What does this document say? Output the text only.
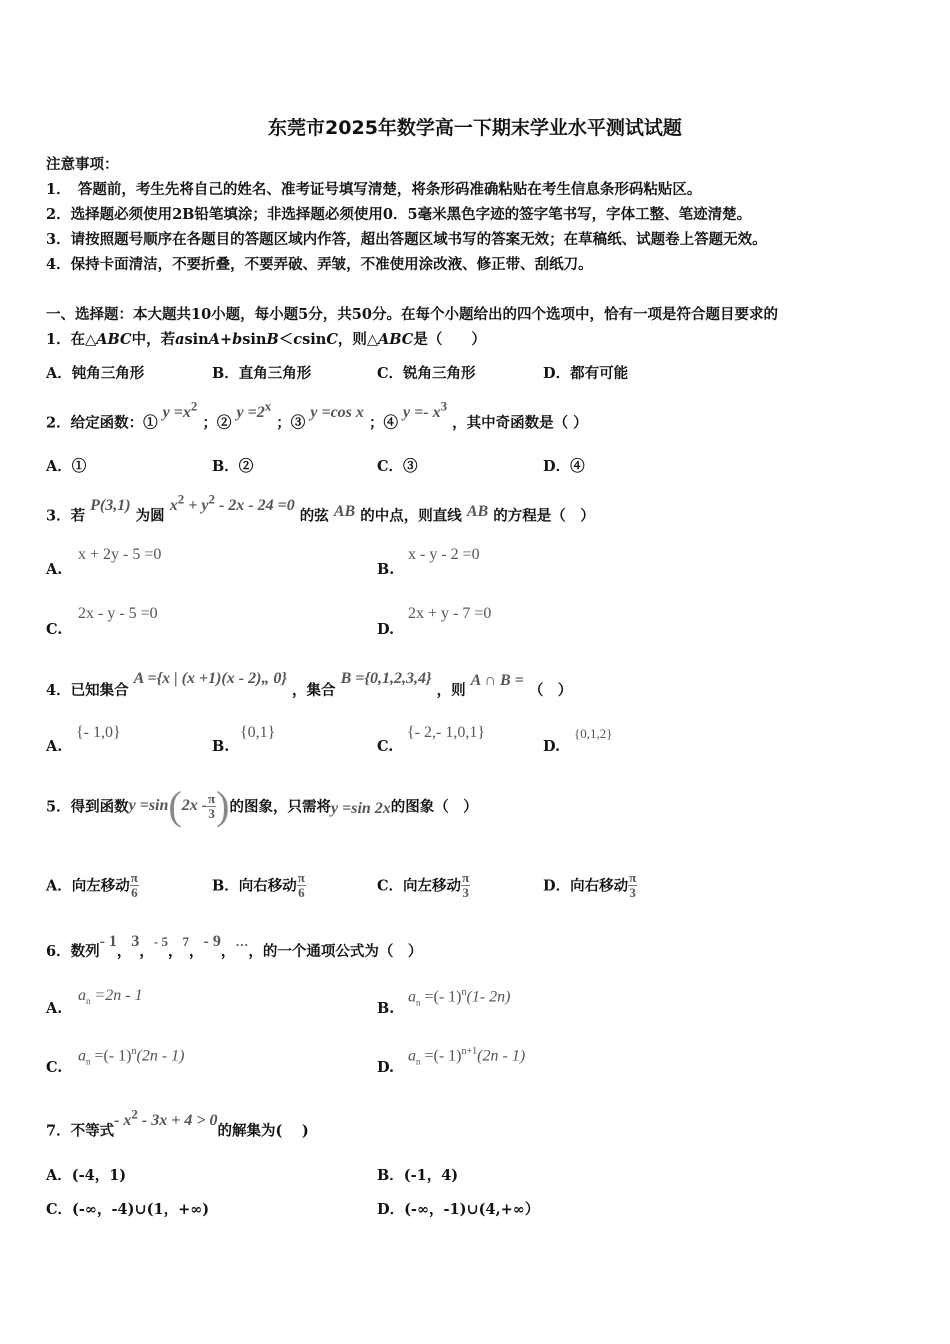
东莞市2025年数学高一下期末学业水平测试试题
注意事项：
1．　答题前，考生先将自己的姓名、准考证号填写清楚，将条形码准确粘贴在考生信息条形码粘贴区。
2．选择题必须使用2B铅笔填涂；非选择题必须使用0．5毫米黑色字迹的签字笔书写，字体工整、笔迹清楚。
3．请按照题号顺序在各题目的答题区域内作答，超出答题区域书写的答案无效；在草稿纸、试题卷上答题无效。
4．保持卡面清洁，不要折叠，不要弄破、弄皱，不准使用涂改液、修正带、刮纸刀。
一、选择题：本大题共10小题，每小题5分，共50分。在每个小题给出的四个选项中，恰有一项是符合题目要求的
1．在△ABC中，若asinA+bsinB＜csinC，则△ABC是（　　）
A．钝角三角形	B．直角三角形	C．锐角三角形	D．都有可能
2．给定函数：① $y =x^2$ ；② $y =2^x$ ；③ y =cos x ；④ $y =- x^3$ ，其中奇函数是（ ）
A．①	B．②	C．③	D．④
3．若 P(3,1) 为圆 $x^2 + y^2 - 2x - 24 =0$ 的弦 AB 的中点，则直线 AB 的方程是（　）
A.
x + 2y - 5 =0
B.
x - y - 2 =0
C.
2x - y - 5 =0
D.
2x + y - 7 =0
4．已知集合 A ={x | (x +1)(x - 2)„ 0} ，集合 B ={0,1,2,3,4} ，则 A ∩ B = （　）
A.
{- 1,0}
B.
{0,1}
C.
{- 2,- 1,0,1}
D.
{0,1,2}
5．得到函数$y =\sin(2x - \frac{\pi}{3}$ )的图象，只需将y =sin 2x的图象（　）
A．向左移动 $\frac{\pi}{6}$	B．向右移动 $\frac{\pi}{6}$	C．向左移动 $\frac{\pi}{3}$	D．向右移动 $\frac{\pi}{3}$
6．数列- 1，3，- 5，7，- 9，…，的一个通项公式为（　）
A.
$a_n =2n - 1$
B.
$a_n$ =(- 1)$^n$(1- 2n)
C.
$a_n$ =(- 1)$^n$(2n - 1)
D.
$a_n$ =(- 1)$^{n+1}$(2n - 1)
7．不等式- $x^2 - 3x + 4 > 0$的解集为(　 )
A．(-4，1)	B．(-1，4)
C．(-∞，-4)∪(1，+∞)	D．(-∞，-1)∪(4,+∞）
